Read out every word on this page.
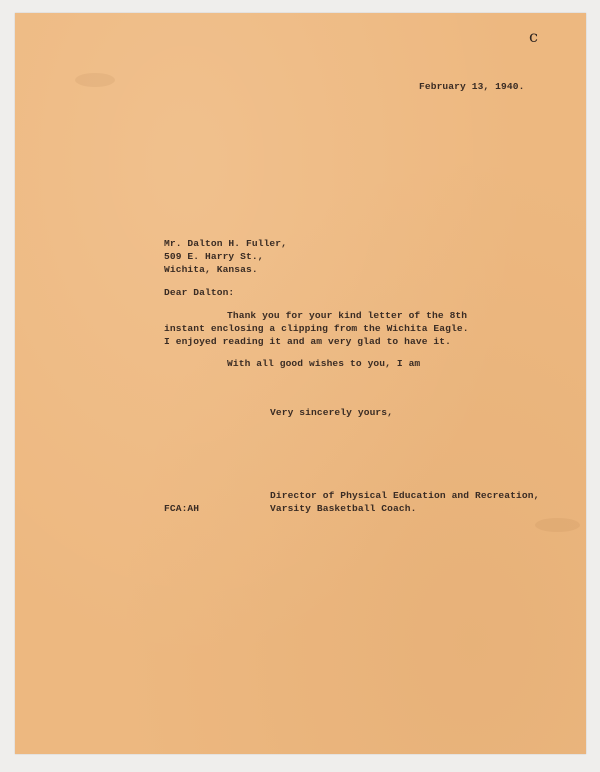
c
February 13, 1940.
Mr. Dalton H. Fuller,
509 E. Harry St.,
Wichita, Kansas.
Dear Dalton:
Thank you for your kind letter of the 8th
instant enclosing a clipping from the Wichita Eagle.
I enjoyed reading it and am very glad to have it.
With all good wishes to you, I am
Very sincerely yours,
Director of Physical Education and Recreation,
Varsity Basketball Coach.
FCA:AH
